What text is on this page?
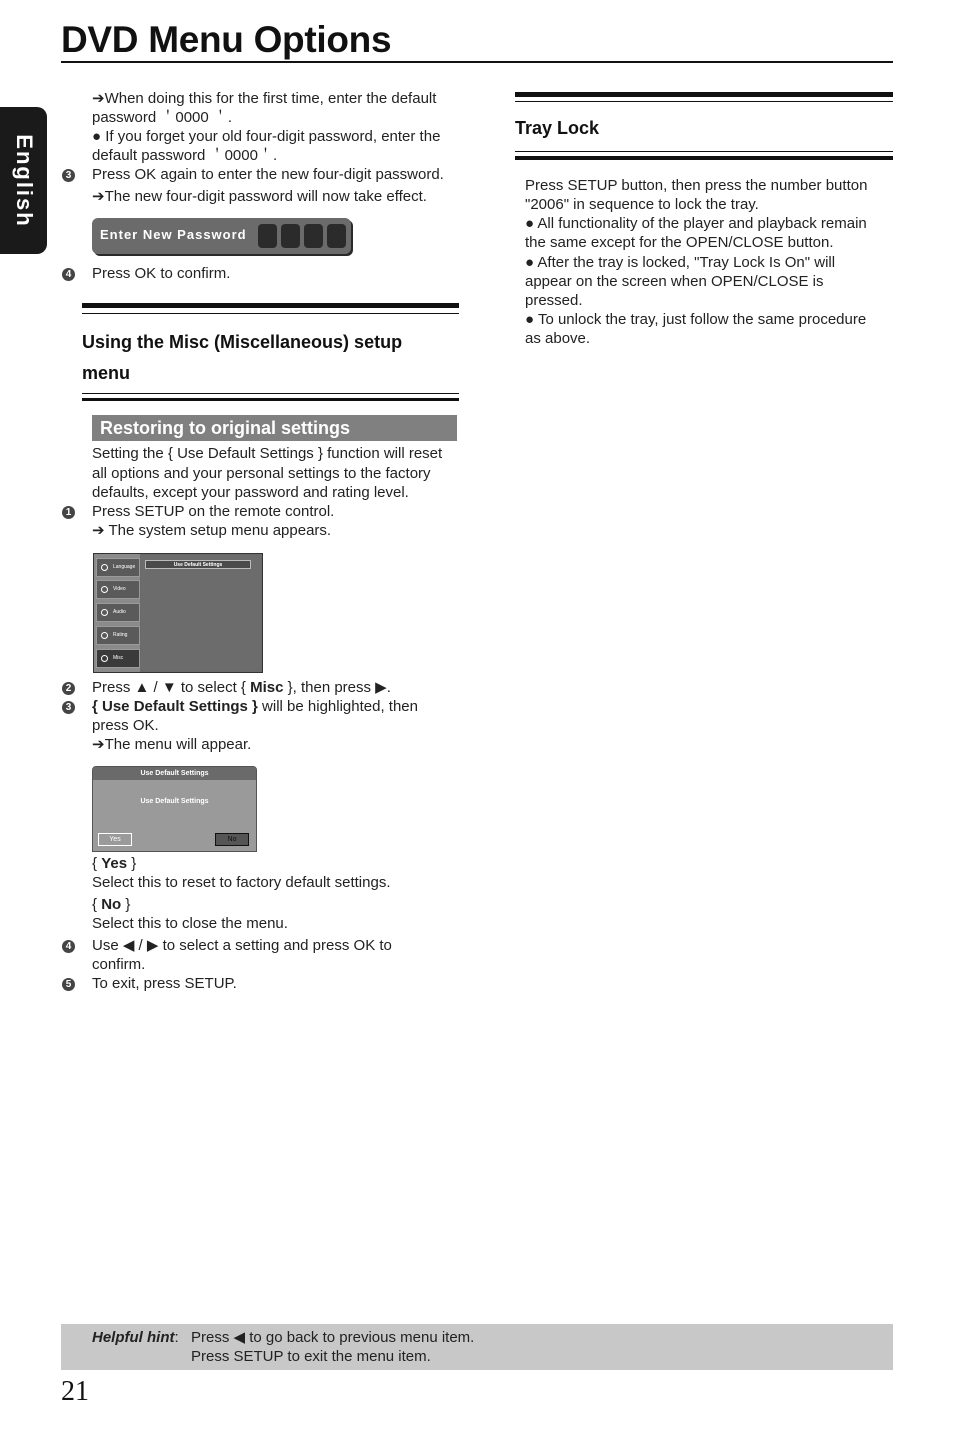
DVD Menu Options
English
➔When doing this for the first time, enter the default
password ＇0000 ＇.
● If you forget your old four-digit password, enter the
default password ＇0000＇.
3 Press OK again to enter the new four-digit password.
➔The new four-digit password will now take effect.
Enter New Password
4 Press OK to confirm.
Using the Misc (Miscellaneous) setup
menu
Restoring to original settings
Setting the { Use Default Settings } function will reset
all options and your personal settings to the factory
defaults, except your password and rating level.
1 Press SETUP on the remote control.
➔ The system setup menu appears.
Language
Video
Audio
Rating
Misc
Use Default Settings
2 Press ▲ / ▼ to select { Misc }, then press ▶.
3 { Use Default Settings } will be highlighted, then
press OK.
➔The menu will appear.
Use Default Settings
Use Default Settings
Yes	No
{ Yes }
Select this to reset to factory default settings.
{ No }
Select this to close the menu.
4 Use ◀ / ▶ to select a setting and press OK to
confirm.
5 To exit, press SETUP.
Tray Lock
Press SETUP button, then press the number button
"2006" in sequence to lock the tray.
● All functionality of the player and playback remain
the same except for the OPEN/CLOSE button.
● After the tray is locked, "Tray Lock Is On" will
appear on the screen when OPEN/CLOSE is
pressed.
● To unlock the tray, just follow the same procedure
as above.
Helpful hint: Press ◀ to go back to previous menu item.
Press SETUP to exit the menu item.
21
